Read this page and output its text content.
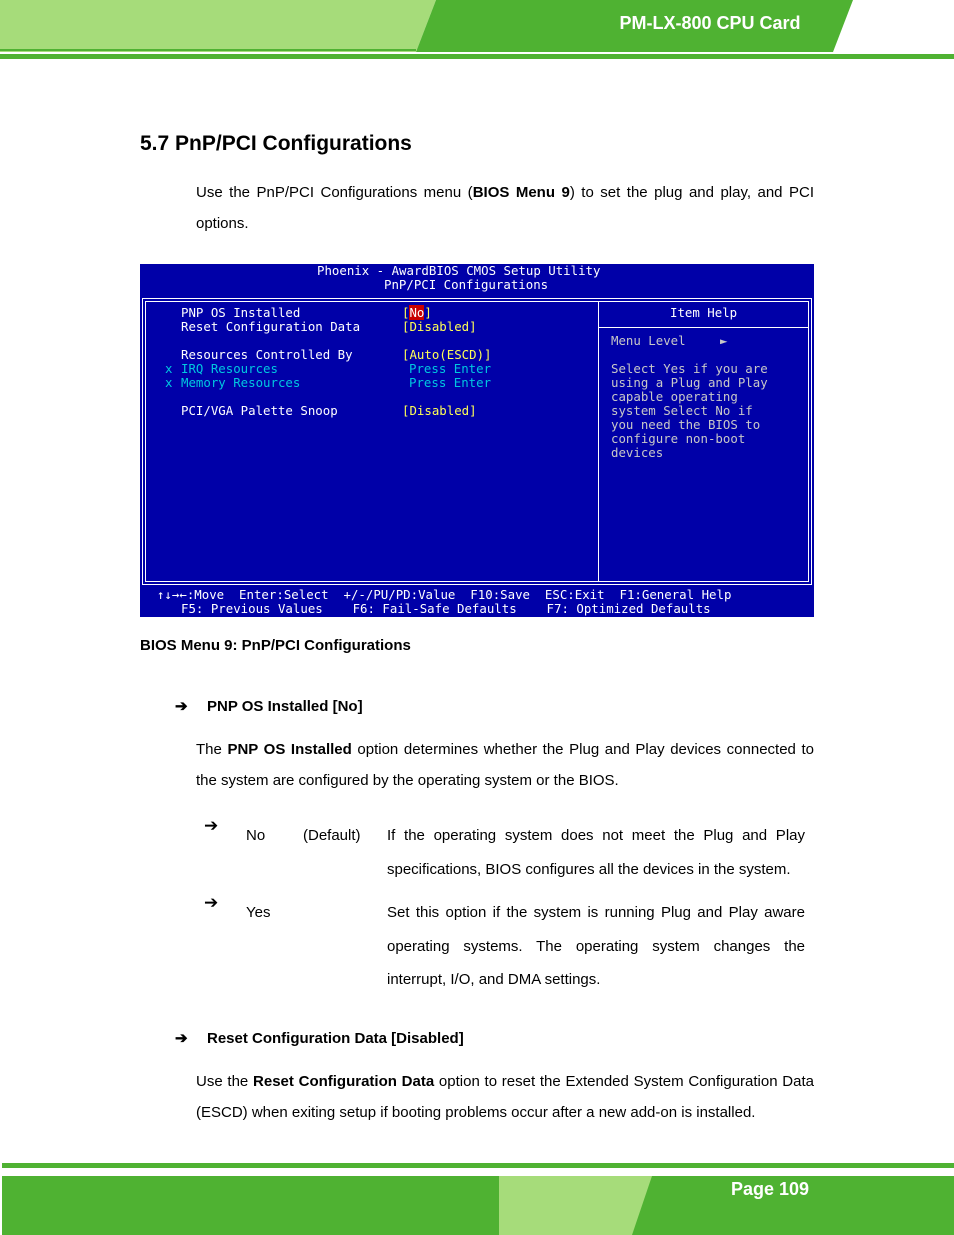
PM-LX-800 CPU Card
5.7 PnP/PCI Configurations

Use the PnP/PCI Configurations menu (BIOS Menu 9) to set the plug and play, and PCI options.

Phoenix - AwardBIOS CMOS Setup Utility
PnP/PCI Configurations
PNP OS Installed	[No]
Reset Configuration Data	[Disabled]
Resources Controlled By	[Auto(ESCD)]
x IRQ Resources	Press Enter
x Memory Resources	Press Enter
PCI/VGA Palette Snoop	[Disabled]
Item Help
Menu Level	►
Select Yes if you are
using a Plug and Play
capable operating
system Select No if
you need the BIOS to
configure non-boot
devices
↑↓→←:Move  Enter:Select  +/-/PU/PD:Value  F10:Save  ESC:Exit  F1:General Help
F5: Previous Values    F6: Fail-Safe Defaults    F7: Optimized Defaults

BIOS Menu 9: PnP/PCI Configurations

➔ PNP OS Installed [No]

The PNP OS Installed option determines whether the Plug and Play devices connected to the system are configured by the operating system or the BIOS.

➔
No	(Default) If the operating system does not meet the Plug and Play specifications, BIOS configures all the devices in the system.

➔
Yes	Set this option if the system is running Plug and Play aware operating systems. The operating system changes the interrupt, I/O, and DMA settings.

➔ Reset Configuration Data [Disabled]

Use the Reset Configuration Data option to reset the Extended System Configuration Data (ESCD) when exiting setup if booting problems occur after a new add-on is installed.

Page 109
